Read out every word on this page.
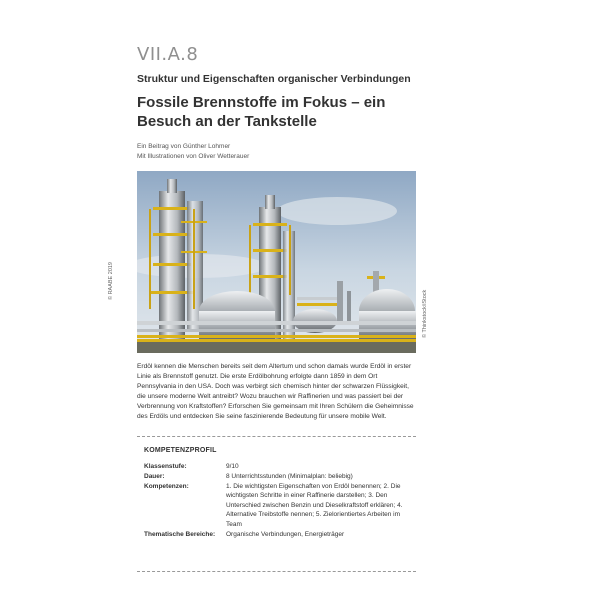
VII.A.8
Struktur und Eigenschaften organischer Verbindungen
Fossile Brennstoffe im Fokus – ein Besuch an der Tankstelle
Ein Beitrag von Günther Lohmer
Mit Illustrationen von Oliver Wetterauer
© RAABE 2019
© Thinkstock/iStock

Erdöl kennen die Menschen bereits seit dem Altertum und schon damals wurde Erdöl in erster Linie als Brennstoff genutzt. Die erste Erdölbohrung erfolgte dann 1859 in dem Ort Pennsylvania in den USA. Doch was verbirgt sich chemisch hinter der schwarzen Flüssigkeit, die unsere moderne Welt antreibt? Wozu brauchen wir Raffinerien und was passiert bei der Verbrennung von Kraftstoffen? Erforschen Sie gemeinsam mit Ihren Schülern die Geheimnisse des Erdöls und entdecken Sie seine faszinierende Bedeutung für unsere mobile Welt.

KOMPETENZPROFIL
Klassenstufe:	9/10
Dauer:	8 Unterrichtsstunden (Minimalplan: beliebig)
Kompetenzen:	1. Die wichtigsten Eigenschaften von Erdöl benennen; 2. Die wichtigsten Schritte in einer Raffinerie darstellen; 3. Den Unterschied zwischen Benzin und Dieselkraftstoff erklären; 4. Alternative Treibstoffe nennen; 5. Zielorientiertes Arbeiten im Team
Thematische Bereiche:	Organische Verbindungen, Energieträger
